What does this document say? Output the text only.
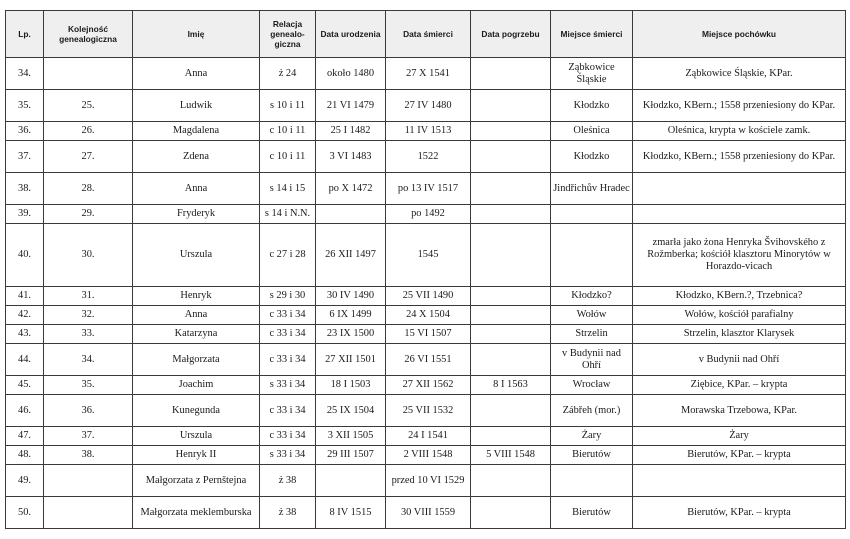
Lp.	Kolejność genealogiczna	Imię	Relacja genealo-giczna	Data urodzenia	Data śmierci	Data pogrzebu	Miejsce śmierci	Miejsce pochówku
34.		Anna	ż 24	około 1480	27 X 1541		Ząbkowice Śląskie	Ząbkowice Śląskie, KPar.
35.	25.	Ludwik	s 10 i 11	21 VI 1479	27 IV 1480		Kłodzko	Kłodzko, KBern.; 1558 przeniesiony do KPar.
36.	26.	Magdalena	c 10 i 11	25 I 1482	11 IV 1513		Oleśnica	Oleśnica, krypta w kościele zamk.
37.	27.	Zdena	c 10 i 11	3 VI 1483	1522		Kłodzko	Kłodzko, KBern.; 1558 przeniesiony do KPar.
38.	28.	Anna	s 14 i 15	po X 1472	po 13 IV 1517		Jindřichův Hradec	
39.	29.	Fryderyk	s 14 i N.N.		po 1492			
40.	30.	Urszula	c 27 i 28	26 XII 1497	1545			zmarła jako żona Henryka Švihovského z Rožmberka; kościół klasztoru Minorytów w Horazdo-vicach
41.	31.	Henryk	s 29 i 30	30 IV 1490	25 VII 1490		Kłodzko?	Kłodzko, KBern.?, Trzebnica?
42.	32.	Anna	c 33 i 34	6 IX 1499	24 X 1504		Wołów	Wołów, kościół parafialny
43.	33.	Katarzyna	c 33 i 34	23 IX 1500	15 VI 1507		Strzelin	Strzelin, klasztor Klarysek
44.	34.	Małgorzata	c 33 i 34	27 XII 1501	26 VI 1551		v Budynii nad Ohří	v Budynii nad Ohří
45.	35.	Joachim	s 33 i 34	18 I 1503	27 XII 1562	8 I 1563	Wrocław	Ziębice, KPar. – krypta
46.	36.	Kunegunda	c 33 i 34	25 IX 1504	25 VII 1532		Zábřeh (mor.)	Morawska Trzebowa, KPar.
47.	37.	Urszula	c 33 i 34	3 XII 1505	24 I 1541		Żary	Żary
48.	38.	Henryk II	s 33 i 34	29 III 1507	2 VIII 1548	5 VIII 1548	Bierutów	Bierutów, KPar. – krypta
49.		Małgorzata z Pernštejna	ż 38		przed 10 VI 1529			
50.		Małgorzata meklemburska	ż 38	8 IV 1515	30 VIII 1559		Bierutów	Bierutów, KPar. – krypta
